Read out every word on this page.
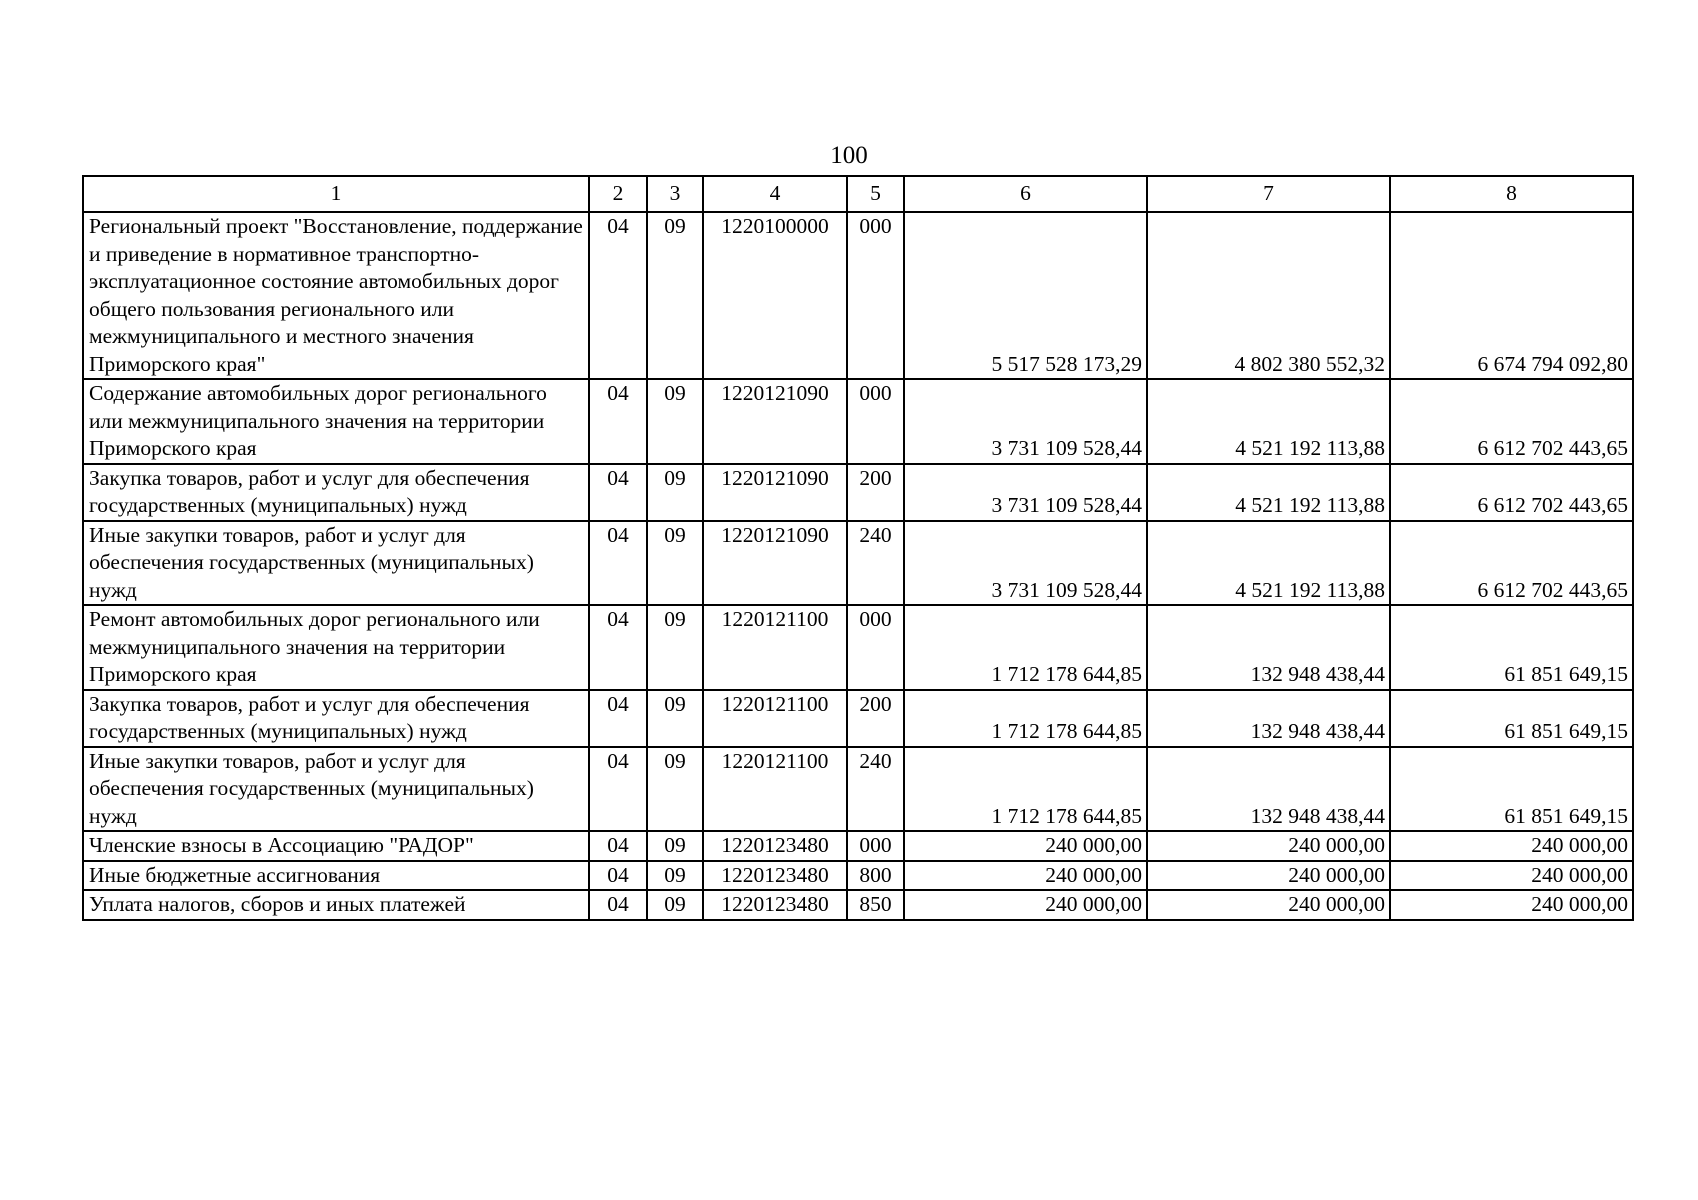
100
1	2	3	4	5	6	7	8
Региональный проект "Восстановление, поддержание и приведение в нормативное транспортно-эксплуатационное состояние автомобильных дорог общего пользования регионального или межмуниципального и местного значения Приморского края"	04	09	1220100000	000	5 517 528 173,29	4 802 380 552,32	6 674 794 092,80
Содержание автомобильных дорог регионального или межмуниципального значения на территории Приморского края	04	09	1220121090	000	3 731 109 528,44	4 521 192 113,88	6 612 702 443,65
Закупка товаров, работ и услуг для обеспечения государственных (муниципальных) нужд	04	09	1220121090	200	3 731 109 528,44	4 521 192 113,88	6 612 702 443,65
Иные закупки товаров, работ и услуг для обеспечения государственных (муниципальных) нужд	04	09	1220121090	240	3 731 109 528,44	4 521 192 113,88	6 612 702 443,65
Ремонт автомобильных дорог регионального или межмуниципального значения на территории Приморского края	04	09	1220121100	000	1 712 178 644,85	132 948 438,44	61 851 649,15
Закупка товаров, работ и услуг для обеспечения государственных (муниципальных) нужд	04	09	1220121100	200	1 712 178 644,85	132 948 438,44	61 851 649,15
Иные закупки товаров, работ и услуг для обеспечения государственных (муниципальных) нужд	04	09	1220121100	240	1 712 178 644,85	132 948 438,44	61 851 649,15
Членские взносы в Ассоциацию "РАДОР"	04	09	1220123480	000	240 000,00	240 000,00	240 000,00
Иные бюджетные ассигнования	04	09	1220123480	800	240 000,00	240 000,00	240 000,00
Уплата налогов, сборов и иных платежей	04	09	1220123480	850	240 000,00	240 000,00	240 000,00
